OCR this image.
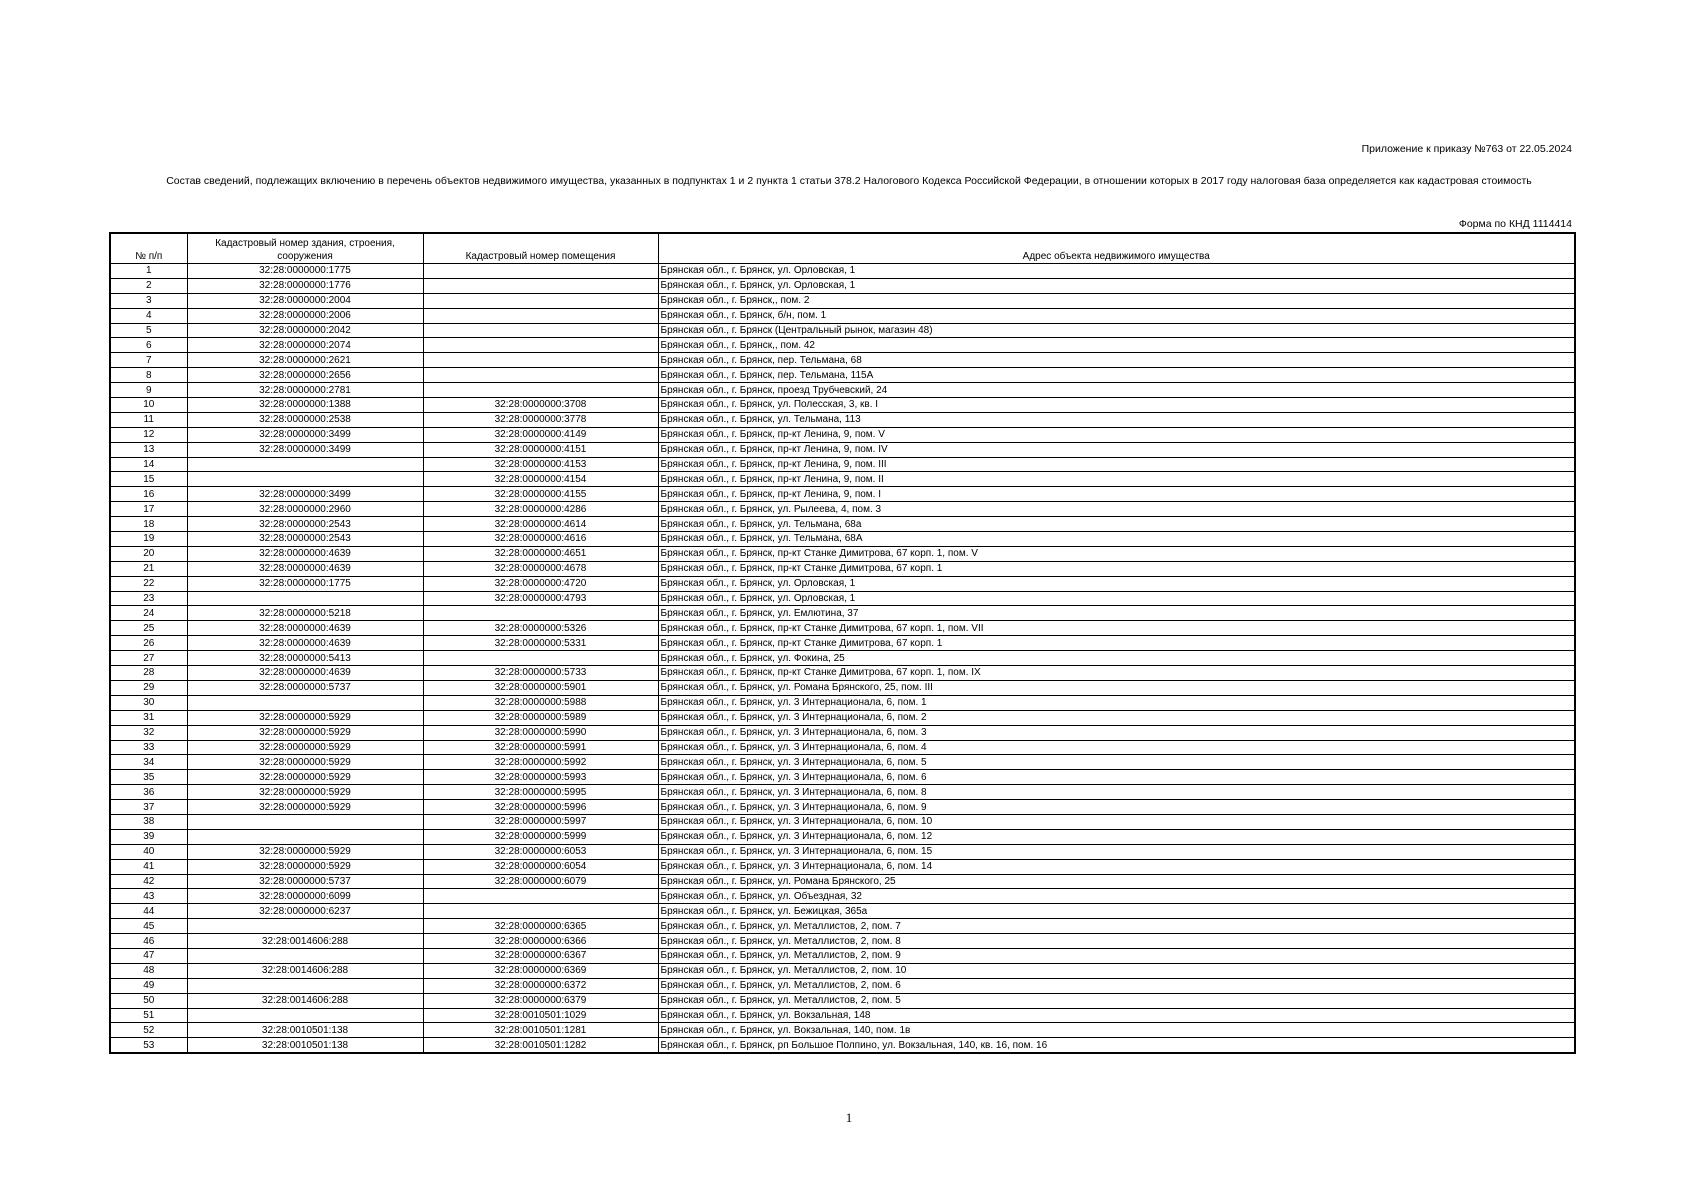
Приложение к приказу №763 от 22.05.2024
Состав сведений, подлежащих включению в перечень объектов недвижимого имущества, указанных в подпунктах 1 и 2 пункта 1 статьи 378.2 Налогового Кодекса Российской Федерации, в отношении которых в 2017 году налоговая база определяется как кадастровая стоимость
Форма по КНД 1114414
№ п/п	Кадастровый номер здания, строения, сооружения	Кадастровый номер помещения	Адрес объекта недвижимого имущества
1	32:28:0000000:1775		Брянская обл., г. Брянск, ул. Орловская, 1
2	32:28:0000000:1776		Брянская обл., г. Брянск, ул. Орловская, 1
3	32:28:0000000:2004		Брянская обл., г. Брянск,, пом. 2
4	32:28:0000000:2006		Брянская обл., г. Брянск, б/н, пом. 1
5	32:28:0000000:2042		Брянская обл., г. Брянск (Центральный рынок, магазин 48)
6	32:28:0000000:2074		Брянская обл., г. Брянск,, пом. 42
7	32:28:0000000:2621		Брянская обл., г. Брянск, пер. Тельмана, 68
8	32:28:0000000:2656		Брянская обл., г. Брянск, пер. Тельмана, 115А
9	32:28:0000000:2781		Брянская обл., г. Брянск, проезд Трубчевский, 24
10	32:28:0000000:1388	32:28:0000000:3708	Брянская обл., г. Брянск, ул. Полесская, 3, кв. I
11	32:28:0000000:2538	32:28:0000000:3778	Брянская обл., г. Брянск, ул. Тельмана, 113
12	32:28:0000000:3499	32:28:0000000:4149	Брянская обл., г. Брянск, пр-кт Ленина, 9, пом. V
13	32:28:0000000:3499	32:28:0000000:4151	Брянская обл., г. Брянск, пр-кт Ленина, 9, пом. IV
14		32:28:0000000:4153	Брянская обл., г. Брянск, пр-кт Ленина, 9, пом. III
15		32:28:0000000:4154	Брянская обл., г. Брянск, пр-кт Ленина, 9, пом. II
16	32:28:0000000:3499	32:28:0000000:4155	Брянская обл., г. Брянск, пр-кт Ленина, 9, пом. I
17	32:28:0000000:2960	32:28:0000000:4286	Брянская обл., г. Брянск, ул. Рылеева, 4, пом. 3
18	32:28:0000000:2543	32:28:0000000:4614	Брянская обл., г. Брянск, ул. Тельмана, 68а
19	32:28:0000000:2543	32:28:0000000:4616	Брянская обл., г. Брянск, ул. Тельмана, 68А
20	32:28:0000000:4639	32:28:0000000:4651	Брянская обл., г. Брянск, пр-кт Станке Димитрова, 67 корп. 1, пом. V
21	32:28:0000000:4639	32:28:0000000:4678	Брянская обл., г. Брянск, пр-кт Станке Димитрова, 67 корп. 1
22	32:28:0000000:1775	32:28:0000000:4720	Брянская обл., г. Брянск, ул. Орловская, 1
23		32:28:0000000:4793	Брянская обл., г. Брянск, ул. Орловская, 1
24	32:28:0000000:5218		Брянская обл., г. Брянск, ул. Емлютина, 37
25	32:28:0000000:4639	32:28:0000000:5326	Брянская обл., г. Брянск, пр-кт Станке Димитрова, 67 корп. 1, пом. VII
26	32:28:0000000:4639	32:28:0000000:5331	Брянская обл., г. Брянск, пр-кт Станке Димитрова, 67 корп. 1
27	32:28:0000000:5413		Брянская обл., г. Брянск, ул. Фокина, 25
28	32:28:0000000:4639	32:28:0000000:5733	Брянская обл., г. Брянск, пр-кт Станке Димитрова, 67 корп. 1, пом. IX
29	32:28:0000000:5737	32:28:0000000:5901	Брянская обл., г. Брянск, ул. Романа Брянского, 25, пом. III
30		32:28:0000000:5988	Брянская обл., г. Брянск, ул. 3 Интернационала, 6, пом. 1
31	32:28:0000000:5929	32:28:0000000:5989	Брянская обл., г. Брянск, ул. 3 Интернационала, 6, пом. 2
32	32:28:0000000:5929	32:28:0000000:5990	Брянская обл., г. Брянск, ул. 3 Интернационала, 6, пом. 3
33	32:28:0000000:5929	32:28:0000000:5991	Брянская обл., г. Брянск, ул. 3 Интернационала, 6, пом. 4
34	32:28:0000000:5929	32:28:0000000:5992	Брянская обл., г. Брянск, ул. 3 Интернационала, 6, пом. 5
35	32:28:0000000:5929	32:28:0000000:5993	Брянская обл., г. Брянск, ул. 3 Интернационала, 6, пом. 6
36	32:28:0000000:5929	32:28:0000000:5995	Брянская обл., г. Брянск, ул. 3 Интернационала, 6, пом. 8
37	32:28:0000000:5929	32:28:0000000:5996	Брянская обл., г. Брянск, ул. 3 Интернационала, 6, пом. 9
38		32:28:0000000:5997	Брянская обл., г. Брянск, ул. 3 Интернационала, 6, пом. 10
39		32:28:0000000:5999	Брянская обл., г. Брянск, ул. 3 Интернационала, 6, пом. 12
40	32:28:0000000:5929	32:28:0000000:6053	Брянская обл., г. Брянск, ул. 3 Интернационала, 6, пом. 15
41	32:28:0000000:5929	32:28:0000000:6054	Брянская обл., г. Брянск, ул. 3 Интернационала, 6, пом. 14
42	32:28:0000000:5737	32:28:0000000:6079	Брянская обл., г. Брянск, ул. Романа Брянского, 25
43	32:28:0000000:6099		Брянская обл., г. Брянск, ул. Объездная, 32
44	32:28:0000000:6237		Брянская обл., г. Брянск, ул. Бежицкая, 365а
45		32:28:0000000:6365	Брянская обл., г. Брянск, ул. Металлистов, 2, пом. 7
46	32:28:0014606:288	32:28:0000000:6366	Брянская обл., г. Брянск, ул. Металлистов, 2, пом. 8
47		32:28:0000000:6367	Брянская обл., г. Брянск, ул. Металлистов, 2, пом. 9
48	32:28:0014606:288	32:28:0000000:6369	Брянская обл., г. Брянск, ул. Металлистов, 2, пом. 10
49		32:28:0000000:6372	Брянская обл., г. Брянск, ул. Металлистов, 2, пом. 6
50	32:28:0014606:288	32:28:0000000:6379	Брянская обл., г. Брянск, ул. Металлистов, 2, пом. 5
51		32:28:0010501:1029	Брянская обл., г. Брянск, ул. Вокзальная, 148
52	32:28:0010501:138	32:28:0010501:1281	Брянская обл., г. Брянск, ул. Вокзальная, 140, пом. 1в
53	32:28:0010501:138	32:28:0010501:1282	Брянская обл., г. Брянск, рп Большое Полпино, ул. Вокзальная, 140, кв. 16, пом. 16
1
